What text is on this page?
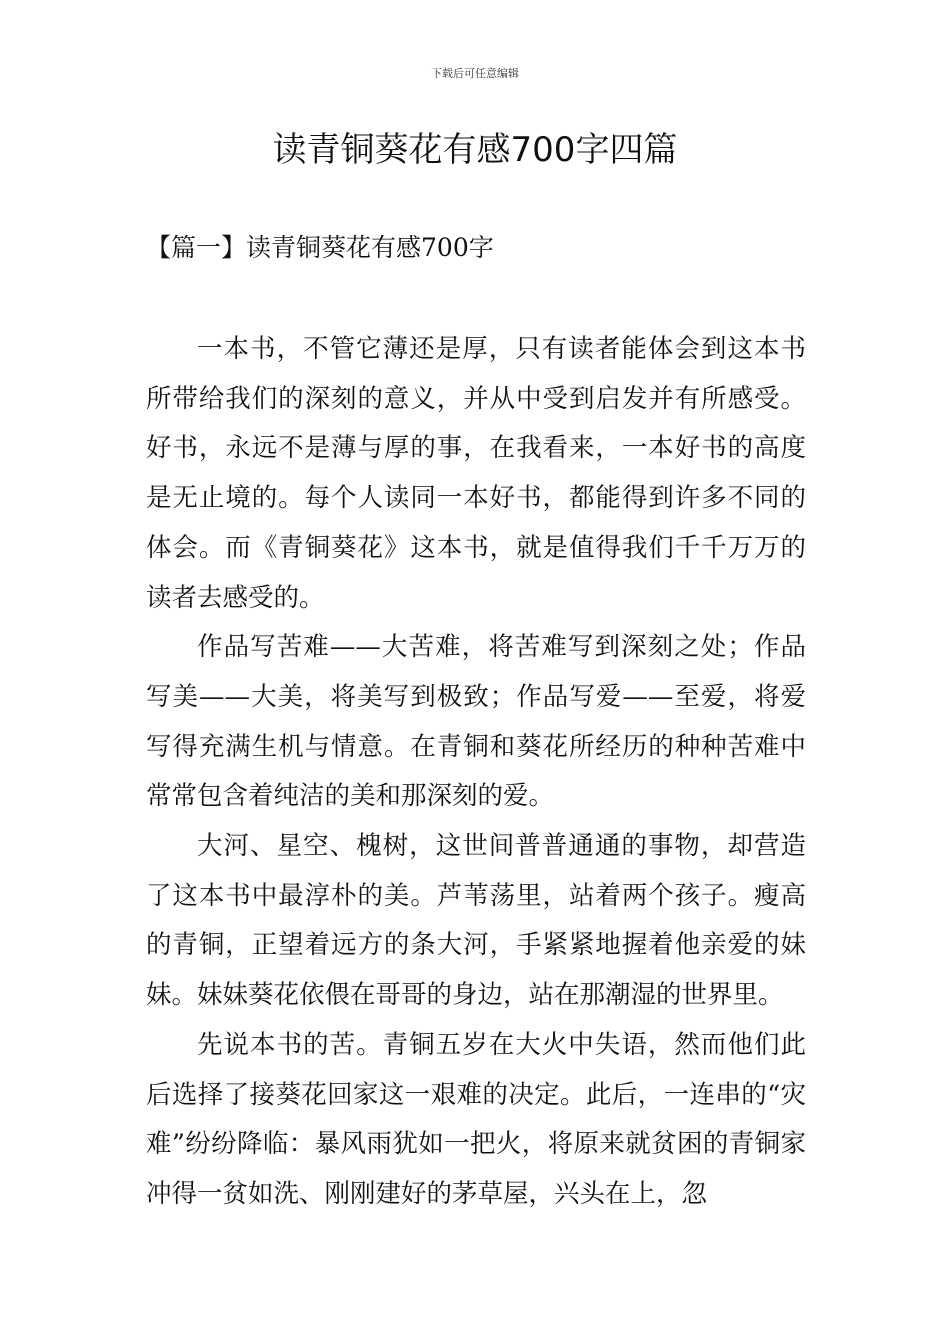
下载后可任意编辑
读青铜葵花有感700字四篇
【篇一】读青铜葵花有感700字

一本书，不管它薄还是厚，只有读者能体会到这本书所带给我们的深刻的意义，并从中受到启发并有所感受。好书，永远不是薄与厚的事，在我看来，一本好书的高度是无止境的。每个人读同一本好书，都能得到许多不同的体会。而《青铜葵花》这本书，就是值得我们千千万万的读者去感受的。

作品写苦难——大苦难，将苦难写到深刻之处；作品写美——大美，将美写到极致；作品写爱——至爱，将爱写得充满生机与情意。在青铜和葵花所经历的种种苦难中常常包含着纯洁的美和那深刻的爱。

大河、星空、槐树，这世间普普通通的事物，却营造了这本书中最淳朴的美。芦苇荡里，站着两个孩子。瘦高的青铜，正望着远方的条大河，手紧紧地握着他亲爱的妹妹。妹妹葵花依偎在哥哥的身边，站在那潮湿的世界里。

先说本书的苦。青铜五岁在大火中失语，然而他们此后选择了接葵花回家这一艰难的决定。此后，一连串的“灾难”纷纷降临：暴风雨犹如一把火，将原来就贫困的青铜家冲得一贫如洗、刚刚建好的茅草屋，兴头在上，忽
